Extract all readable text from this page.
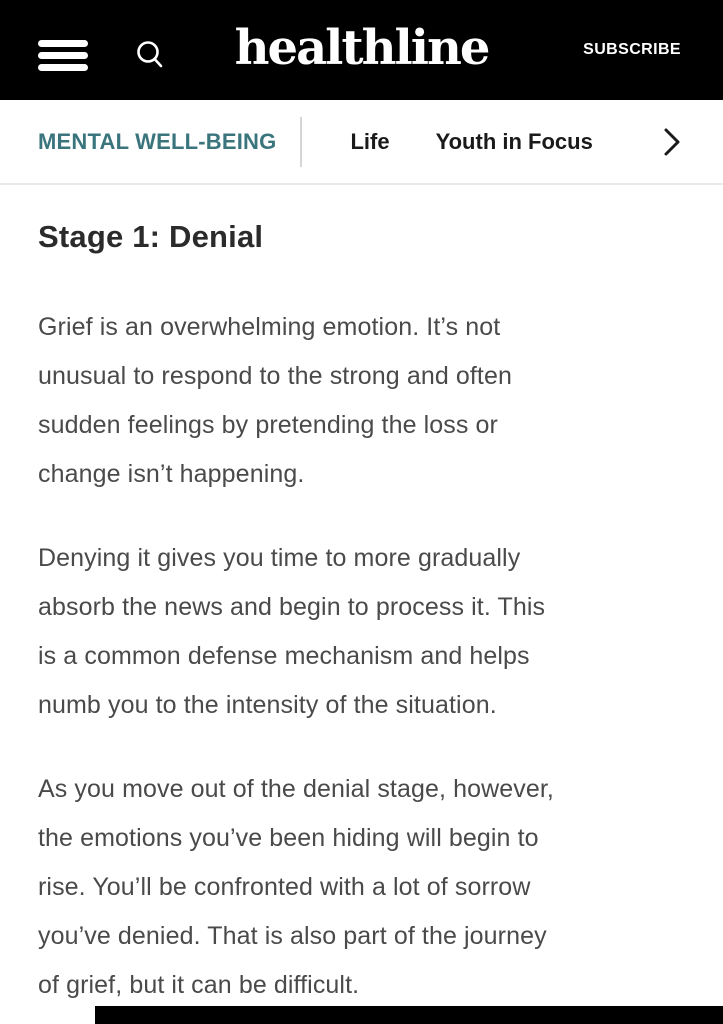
healthline	SUBSCRIBE
MENTAL WELL-BEING	Life Youth in Focus
Stage 1: Denial
Grief is an overwhelming emotion. It’s not
unusual to respond to the strong and often
sudden feelings by pretending the loss or
change isn’t happening.
Denying it gives you time to more gradually
absorb the news and begin to process it. This
is a common defense mechanism and helps
numb you to the intensity of the situation.
As you move out of the denial stage, however,
the emotions you’ve been hiding will begin to
rise. You’ll be confronted with a lot of sorrow
you’ve denied. That is also part of the journey
of grief, but it can be difficult.
